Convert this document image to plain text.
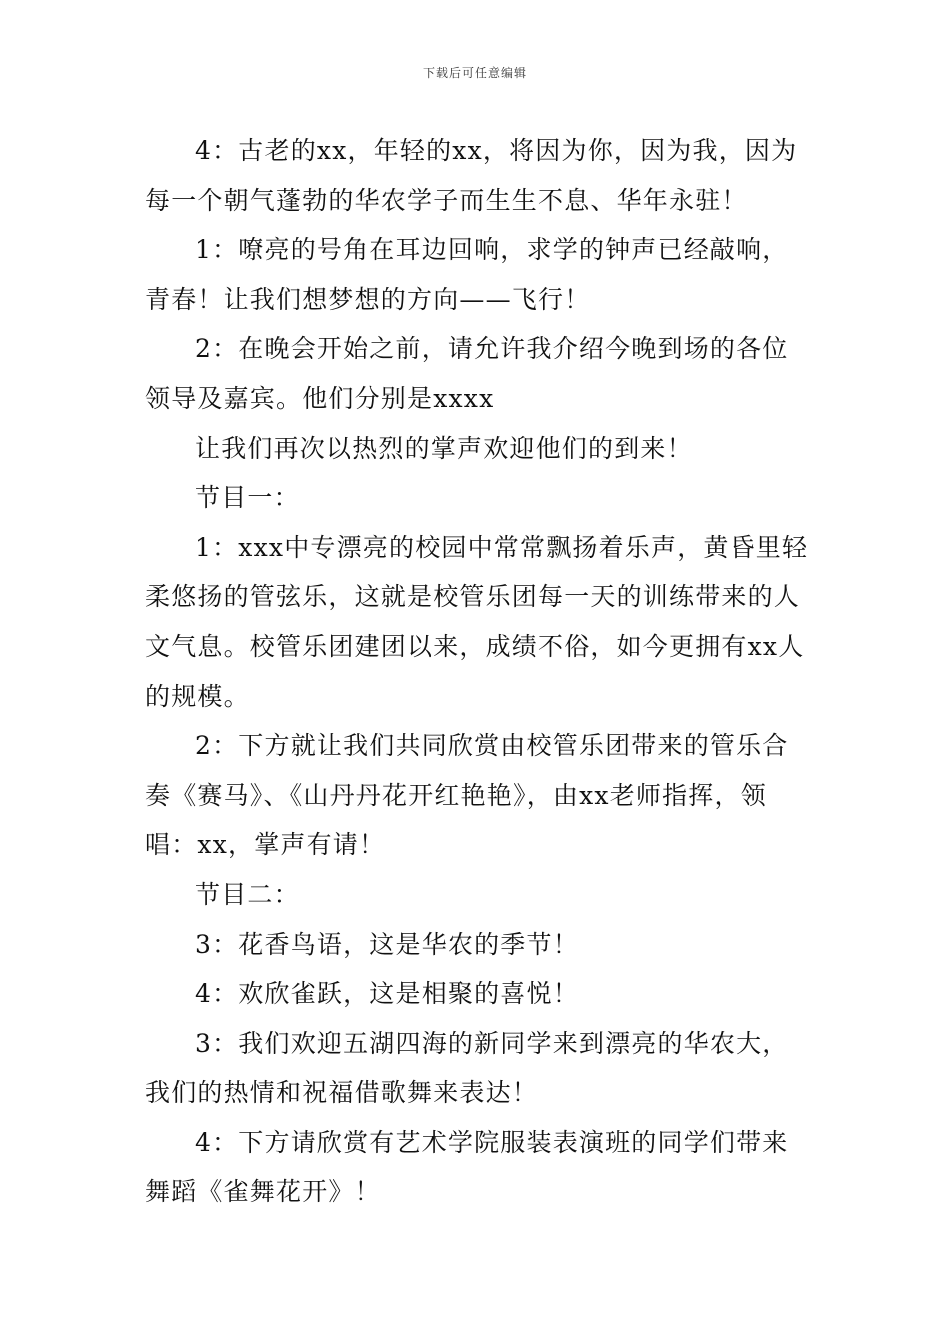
下载后可任意编辑

4：古老的xx，年轻的xx，将因为你，因为我，因为每一个朝气蓬勃的华农学子而生生不息、华年永驻！

1：嘹亮的号角在耳边回响，求学的钟声已经敲响，青春！让我们想梦想的方向——飞行！

2：在晚会开始之前，请允许我介绍今晚到场的各位领导及嘉宾。他们分别是xxxx

让我们再次以热烈的掌声欢迎他们的到来！

节目一：

1：xxx中专漂亮的校园中常常飘扬着乐声，黄昏里轻柔悠扬的管弦乐，这就是校管乐团每一天的训练带来的人文气息。校管乐团建团以来，成绩不俗，如今更拥有xx人的规模。

2：下方就让我们共同欣赏由校管乐团带来的管乐合奏《赛马》、《山丹丹花开红艳艳》，由xx老师指挥，领唱：xx，掌声有请！

节目二：

3：花香鸟语，这是华农的季节！

4：欢欣雀跃，这是相聚的喜悦！

3：我们欢迎五湖四海的新同学来到漂亮的华农大，我们的热情和祝福借歌舞来表达！

4：下方请欣赏有艺术学院服装表演班的同学们带来舞蹈《雀舞花开》！
